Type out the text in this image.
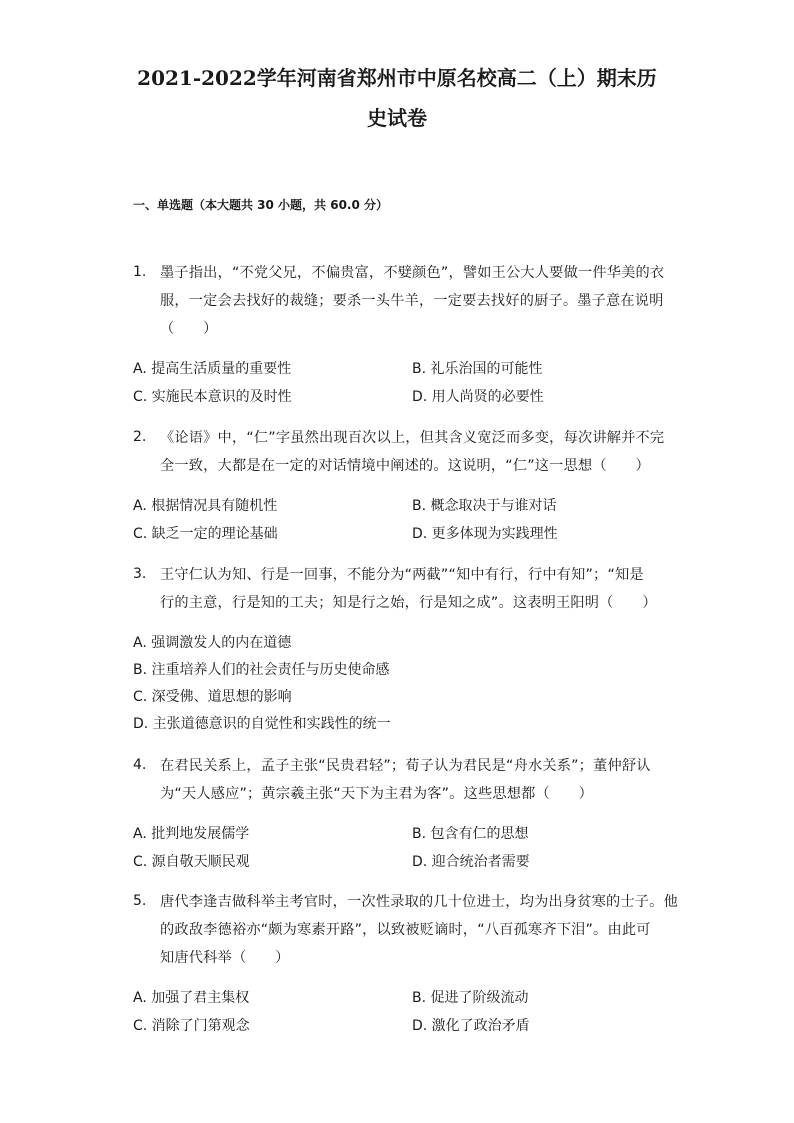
2021-2022学年河南省郑州市中原名校高二（上）期末历
史试卷
一、单选题（本大题共 30 小题，共 60.0 分）
1. 墨子指出，“不党父兄，不偏贵富，不嬖颜色”，譬如王公大人要做一件华美的衣
服，一定会去找好的裁缝；要杀一头牛羊，一定要去找好的厨子。墨子意在说明
（　　）
A. 提高生活质量的重要性	B. 礼乐治国的可能性
C. 实施民本意识的及时性	D. 用人尚贤的必要性
2. 《论语》中，“仁”字虽然出现百次以上，但其含义宽泛而多变，每次讲解并不完
全一致，大都是在一定的对话情境中阐述的。这说明，“仁”这一思想（　　）
A. 根据情况具有随机性	B. 概念取决于与谁对话
C. 缺乏一定的理论基础	D. 更多体现为实践理性
3. 王守仁认为知、行是一回事，不能分为“两截”“知中有行，行中有知”；“知是
行的主意，行是知的工夫；知是行之始，行是知之成”。这表明王阳明（　　）
A. 强调激发人的内在道德
B. 注重培养人们的社会责任与历史使命感
C. 深受佛、道思想的影响
D. 主张道德意识的自觉性和实践性的统一
4. 在君民关系上，孟子主张“民贵君轻”；荀子认为君民是“舟水关系”；董仲舒认
为“天人感应”；黄宗羲主张“天下为主君为客”。这些思想都（　　）
A. 批判地发展儒学	B. 包含有仁的思想
C. 源自敬天顺民观	D. 迎合统治者需要
5. 唐代李逢吉做科举主考官时，一次性录取的几十位进士，均为出身贫寒的士子。他
的政敌李德裕亦“颇为寒素开路”，以致被贬谪时，“八百孤寒齐下泪”。由此可
知唐代科举（　　）
A. 加强了君主集权	B. 促进了阶级流动
C. 消除了门第观念	D. 激化了政治矛盾
